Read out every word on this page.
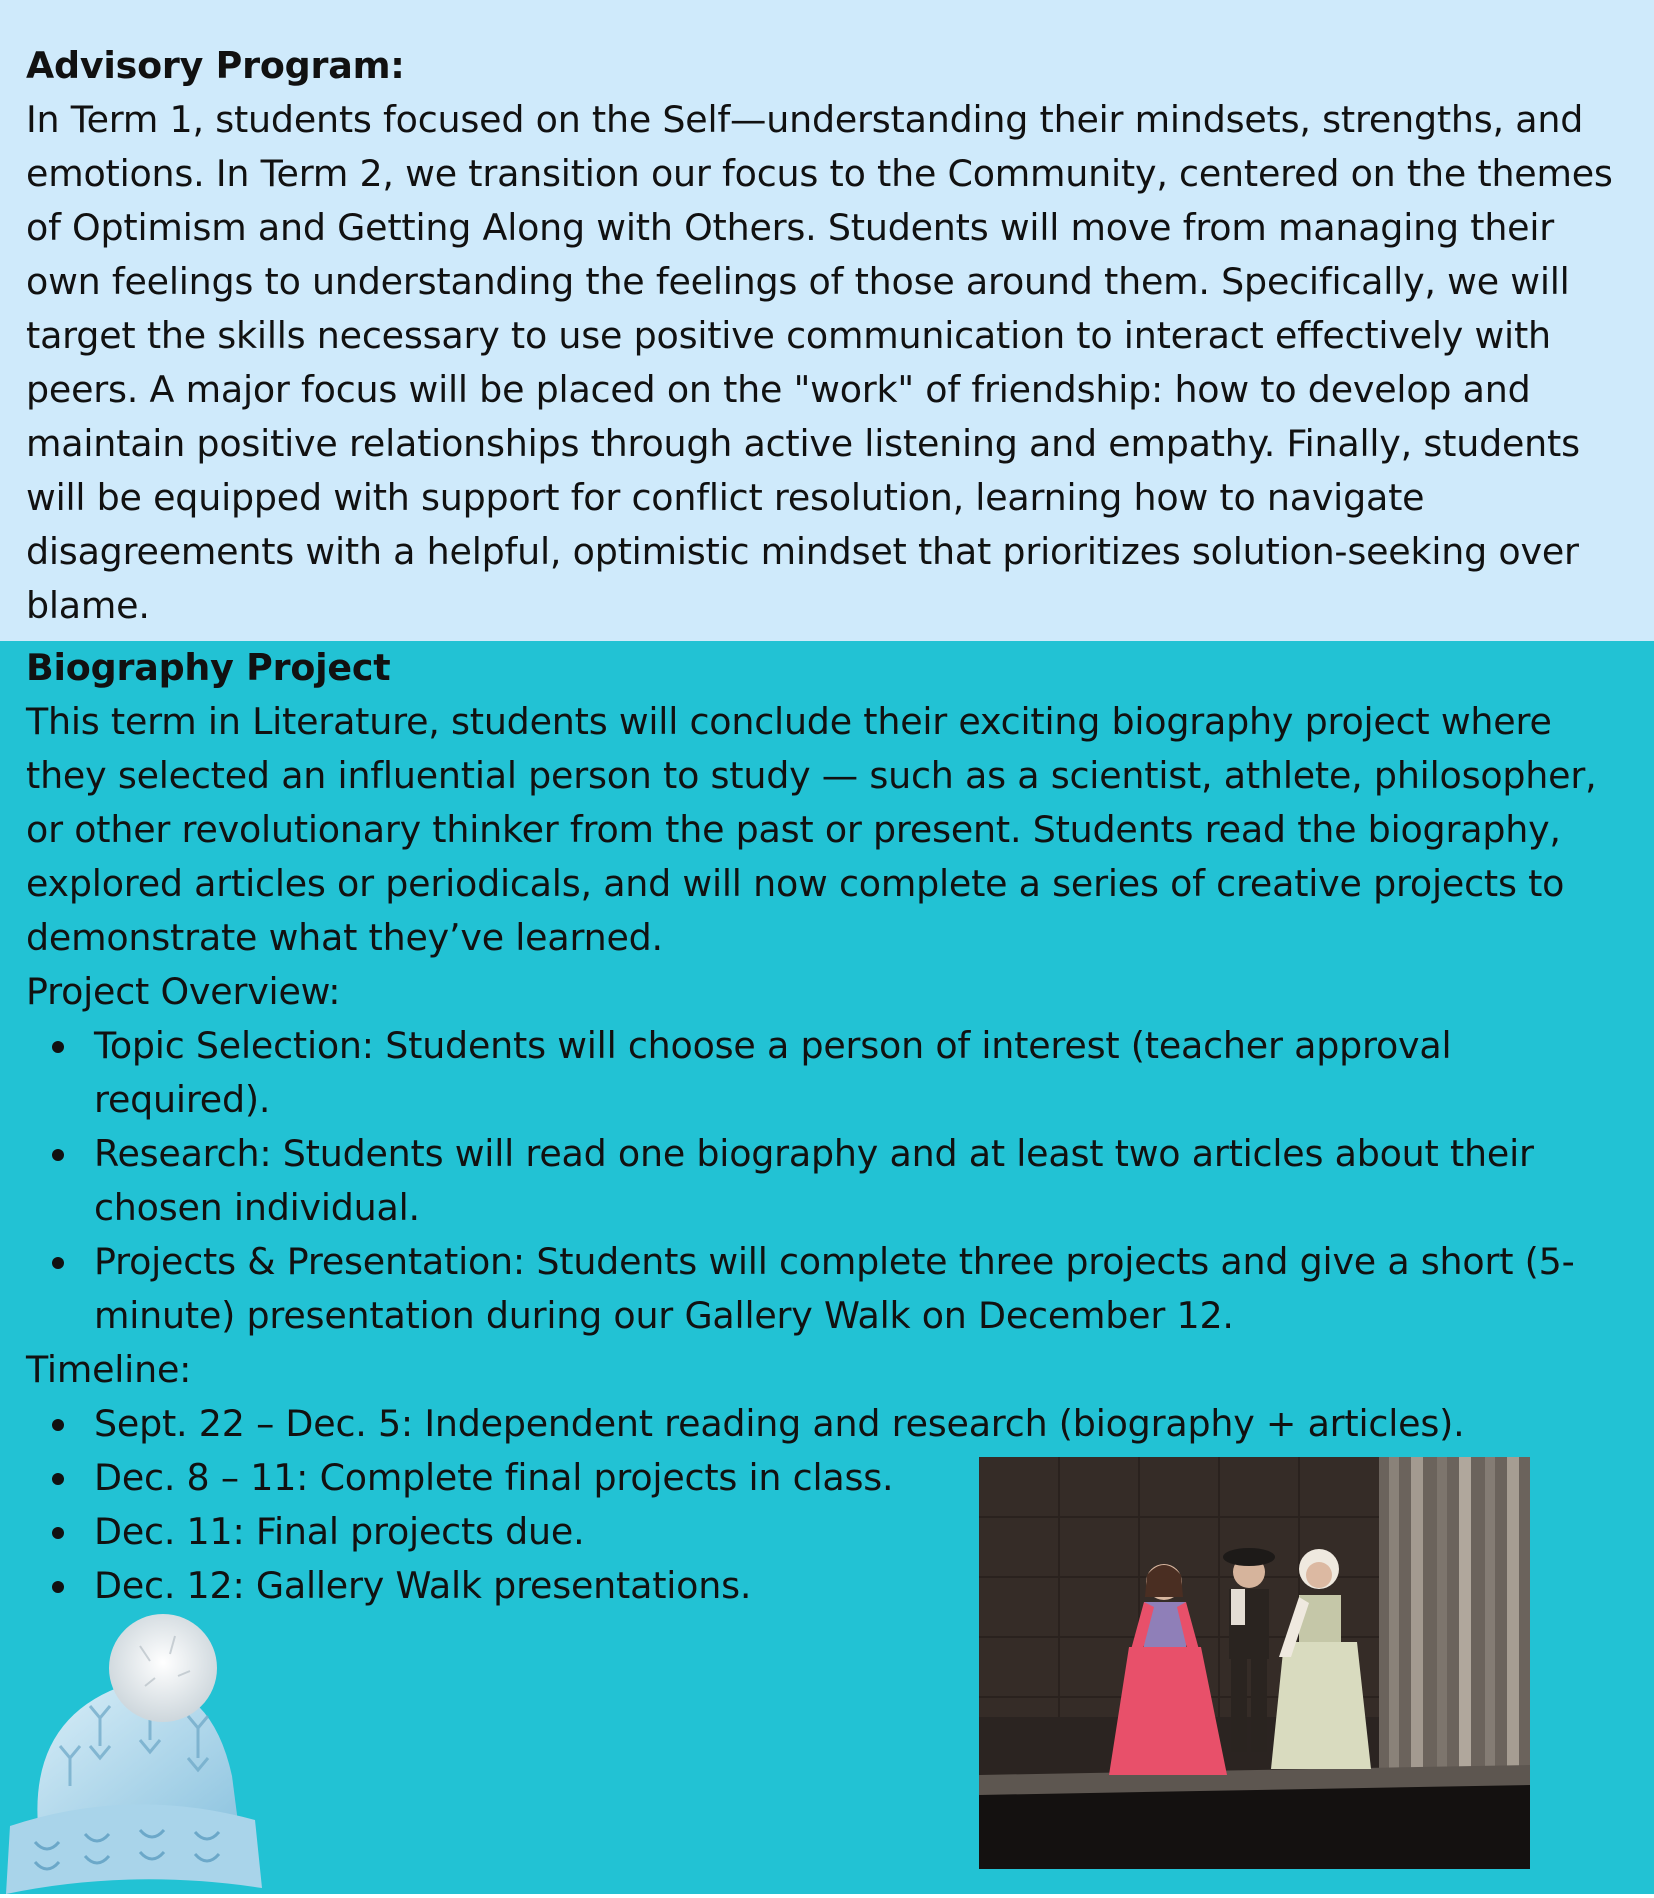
Advisory Program:

In Term 1, students focused on the Self—understanding their mindsets, strengths, and emotions. In Term 2, we transition our focus to the Community, centered on the themes of Optimism and Getting Along with Others. Students will move from managing their own feelings to understanding the feelings of those around them. Specifically, we will target the skills necessary to use positive communication to interact effectively with peers. A major focus will be placed on the "work" of friendship: how to develop and maintain positive relationships through active listening and empathy. Finally, students will be equipped with support for conflict resolution, learning how to navigate disagreements with a helpful, optimistic mindset that prioritizes solution-seeking over blame.

Biography Project

This term in Literature, students will conclude their exciting biography project where they selected an influential person to study — such as a scientist, athlete, philosopher, or other revolutionary thinker from the past or present. Students read the biography, explored articles or periodicals, and will now complete a series of creative projects to demonstrate what they’ve learned.

Project Overview:
Topic Selection: Students will choose a person of interest (teacher approval required).
Research: Students will read one biography and at least two articles about their chosen individual.
Projects & Presentation: Students will complete three projects and give a short (5-minute) presentation during our Gallery Walk on December 12.
Timeline:
Sept. 22 – Dec. 5: Independent reading and research (biography + articles).
Dec. 8 – 11: Complete final projects in class.
Dec. 11: Final projects due.
Dec. 12: Gallery Walk presentations.
